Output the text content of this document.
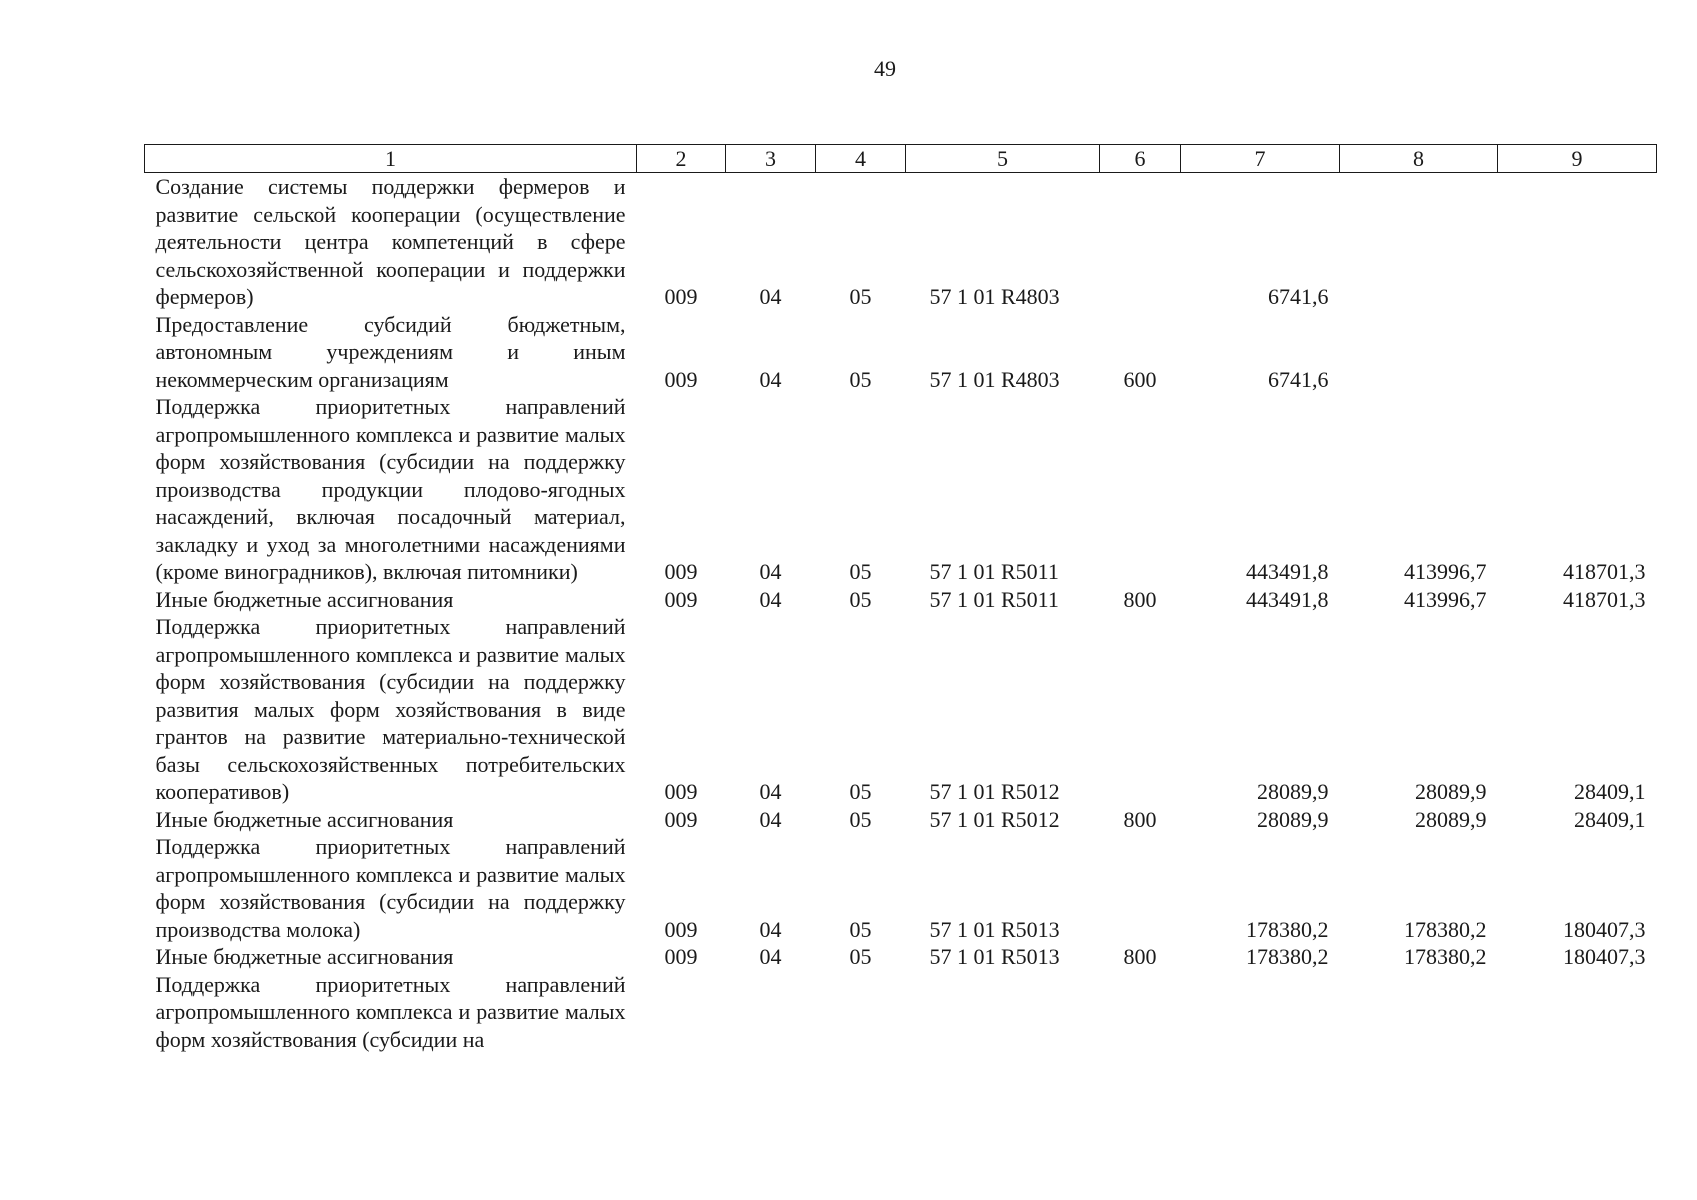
49
1	2	3	4	5	6	7	8	9
Создание системы поддержки фермеров и развитие сельской кооперации (осуществление деятельности центра компетенций в сфере сельскохозяйственной кооперации и поддержки фермеров)	009	04	05	57 1 01 R4803		6741,6		
Предоставление субсидий бюджетным, автономным учреждениям и иным некоммерческим организациям	009	04	05	57 1 01 R4803	600	6741,6		
Поддержка приоритетных направлений агропромышленного комплекса и развитие малых форм хозяйствования (субсидии на поддержку производства продукции плодово-ягодных насаждений, включая посадочный материал, закладку и уход за многолетними насаждениями (кроме виноградников), включая питомники)	009	04	05	57 1 01 R5011		443491,8	413996,7	418701,3
Иные бюджетные ассигнования	009	04	05	57 1 01 R5011	800	443491,8	413996,7	418701,3
Поддержка приоритетных направлений агропромышленного комплекса и развитие малых форм хозяйствования (субсидии на поддержку развития малых форм хозяйствования в виде грантов на развитие материально-технической базы сельскохозяйственных потребительских кооперативов)	009	04	05	57 1 01 R5012		28089,9	28089,9	28409,1
Иные бюджетные ассигнования	009	04	05	57 1 01 R5012	800	28089,9	28089,9	28409,1
Поддержка приоритетных направлений агропромышленного комплекса и развитие малых форм хозяйствования (субсидии на поддержку производства молока)	009	04	05	57 1 01 R5013		178380,2	178380,2	180407,3
Иные бюджетные ассигнования	009	04	05	57 1 01 R5013	800	178380,2	178380,2	180407,3
Поддержка приоритетных направлений агропромышленного комплекса и развитие малых форм хозяйствования (субсидии на								
